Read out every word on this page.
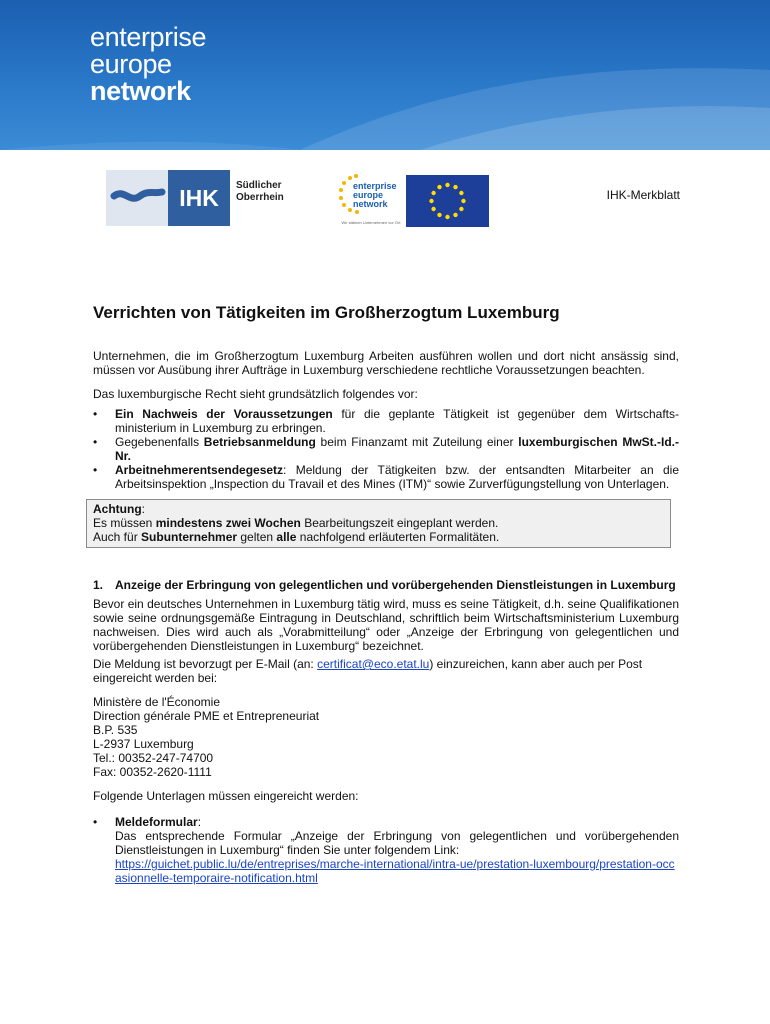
enterprise
europe
network
IHK	Südlicher
Oberrhein
enterprise
europe
network
Wir stärken Unternehmen vor Ort
IHK-Merkblatt
Verrichten von Tätigkeiten im Großherzogtum Luxemburg

Unternehmen, die im Großherzogtum Luxemburg Arbeiten ausführen wollen und dort nicht ansässig sind, müssen vor Ausübung ihrer Aufträge in Luxemburg verschiedene rechtliche Voraussetzungen beachten.

Das luxemburgische Recht sieht grundsätzlich folgendes vor:

• Ein Nachweis der Voraussetzungen für die geplante Tätigkeit ist gegenüber dem Wirtschafts-ministerium in Luxemburg zu erbringen.
• Gegebenenfalls Betriebsanmeldung beim Finanzamt mit Zuteilung einer luxemburgischen MwSt.-Id.-Nr.
• Arbeitnehmerentsendegesetz: Meldung der Tätigkeiten bzw. der entsandten Mitarbeiter an die Arbeitsinspektion „Inspection du Travail et des Mines (ITM)“ sowie Zurverfügungstellung von Unterlagen.

Achtung:

Es müssen mindestens zwei Wochen Bearbeitungszeit eingeplant werden.

Auch für Subunternehmer gelten alle nachfolgend erläuterten Formalitäten.

1. Anzeige der Erbringung von gelegentlichen und vorübergehenden Dienstleistungen in Luxemburg

Bevor ein deutsches Unternehmen in Luxemburg tätig wird, muss es seine Tätigkeit, d.h. seine Qualifikationen sowie seine ordnungsgemäße Eintragung in Deutschland, schriftlich beim Wirtschaftsministerium Luxemburg nachweisen. Dies wird auch als „Vorabmitteilung“ oder „Anzeige der Erbringung von gelegentlichen und vorübergehenden Dienstleistungen in Luxemburg“ bezeichnet.

Die Meldung ist bevorzugt per E-Mail (an: certificat@eco.etat.lu) einzureichen, kann aber auch per Post eingereicht werden bei:

Ministère de l'Économie

Direction générale PME et Entrepreneuriat

B.P. 535

L-2937 Luxemburg

Tel.: 00352-247-74700

Fax: 00352-2620-1111

Folgende Unterlagen müssen eingereicht werden:

• Meldeformular:
Das entsprechende Formular „Anzeige der Erbringung von gelegentlichen und vorübergehenden Dienstleistungen in Luxemburg“ finden Sie unter folgendem Link:
https://guichet.public.lu/de/entreprises/marche-international/intra-ue/prestation-luxembourg/prestation-occasionnelle-temporaire-notification.html
